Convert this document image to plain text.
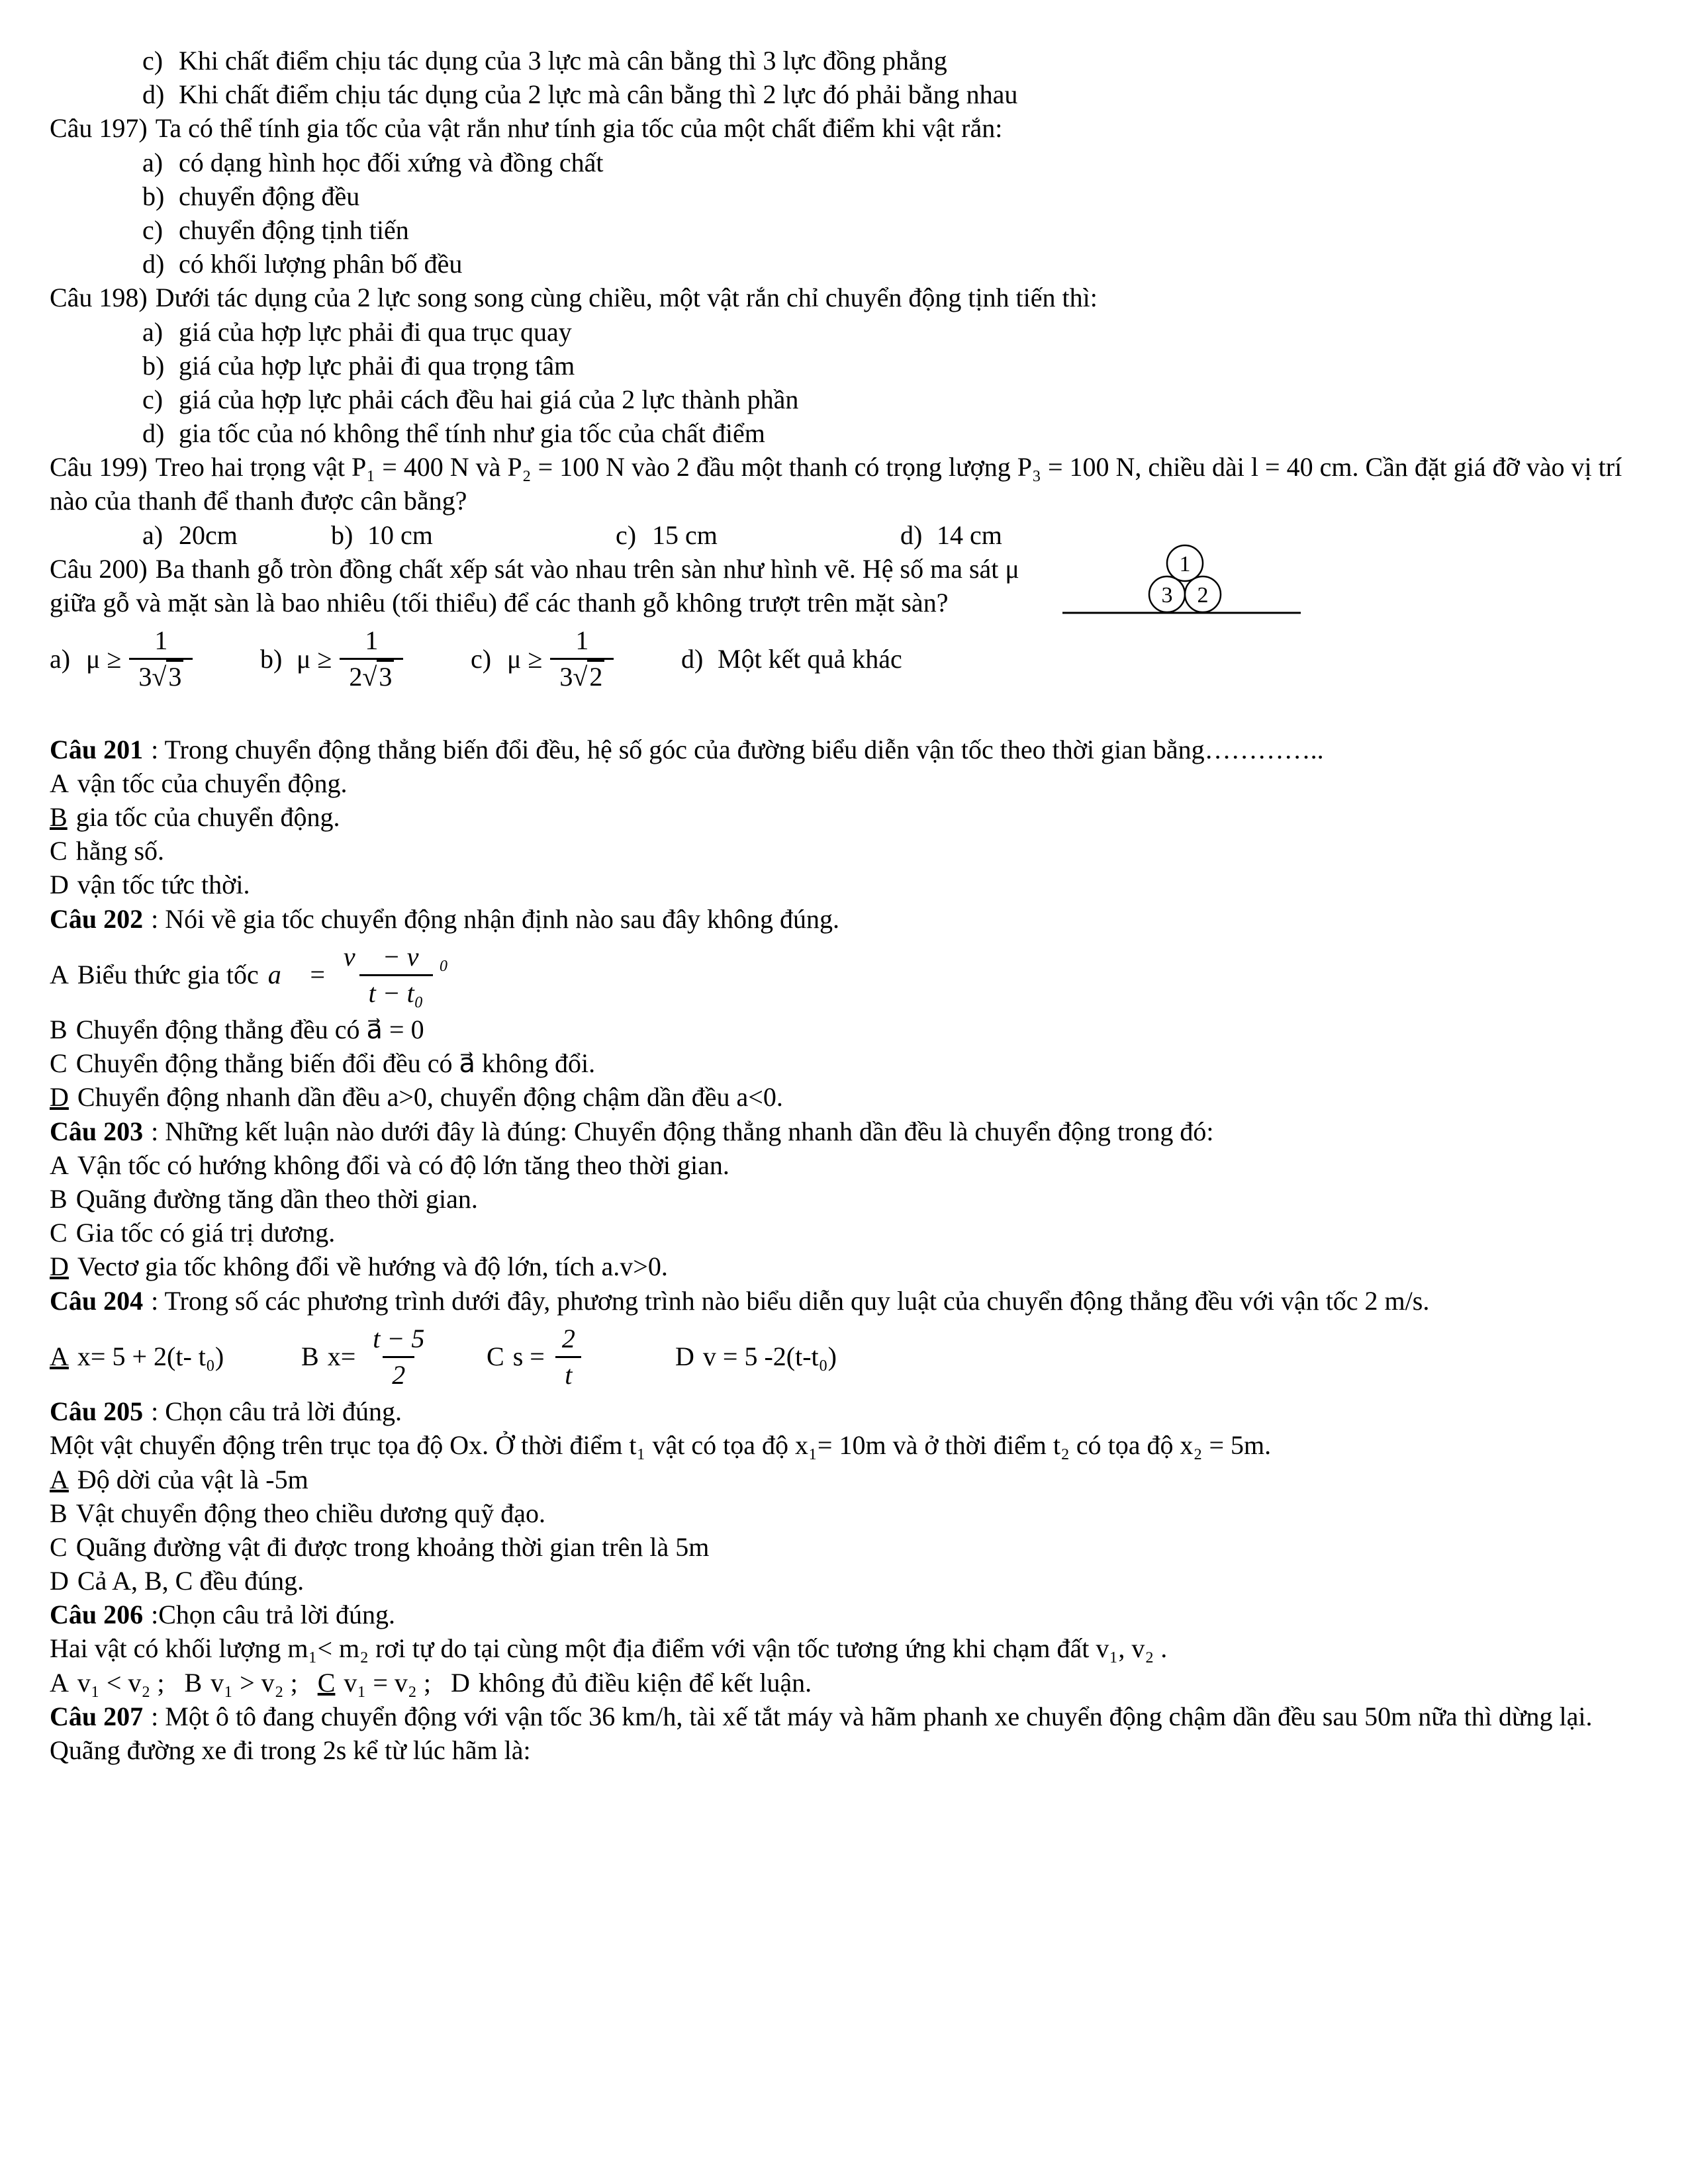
c) Khi chất điểm chịu tác dụng của 3 lực mà cân bằng thì 3 lực đồng phẳng
d) Khi chất điểm chịu tác dụng của 2 lực mà cân bằng thì 2 lực đó phải bằng nhau

Câu 197) Ta có thể tính gia tốc của vật rắn như tính gia tốc của một chất điểm khi vật rắn:

a) có dạng hình học đối xứng và đồng chất
b) chuyển động đều
c) chuyển động tịnh tiến
d) có khối lượng phân bố đều

Câu 198) Dưới tác dụng của 2 lực song song cùng chiều, một vật rắn chỉ chuyển động tịnh tiến thì:

a) giá của hợp lực phải đi qua trục quay
b) giá của hợp lực phải đi qua trọng tâm
c) giá của hợp lực phải cách đều hai giá của 2 lực thành phần
d) gia tốc của nó không thể tính như gia tốc của chất điểm

Câu 199) Treo hai trọng vật P₁ = 400 N và P₂ = 100 N vào 2 đầu một thanh có trọng lượng P₃ = 100 N, chiều dài l = 40 cm. Cần đặt giá đỡ vào vị trí nào của thanh để thanh được cân bằng?

a) 20cm	b) 10 cm	c) 15 cm	d) 14 cm
Câu 200) Ba thanh gỗ tròn đồng chất xếp sát vào nhau trên sàn như hình vẽ. Hệ số ma sát μ giữa gỗ và mặt sàn là bao nhiêu (tối thiểu) để các thanh gỗ không trượt trên mặt sàn?
1
3 2
a) $\mu \ge \frac{1}{3√3}$	b) $\mu \ge \frac{1}{2√3}$	c) $\mu \ge \frac{1}{3√2}$	d) Một kết quả khác

Câu 201 : Trong chuyển động thẳng biến đổi đều, hệ số góc của đường biểu diễn vận tốc theo thời gian bằng…………..

A vận tốc của chuyển động.

B gia tốc của chuyển động.

C hằng số.

D vận tốc tức thời.

Câu 202 : Nói về gia tốc chuyển động nhận định nào sau đây không đúng.

A Biểu thức gia tốc a⃗ = $\frac{\text{v⃗ − v⃗₀}}{\text{t − t₀}}$

B Chuyển động thẳng đều có a⃗ = 0

C Chuyển động thẳng biến đổi đều có a⃗ không đổi.

D Chuyển động nhanh dần đều a>0, chuyển động chậm dần đều a<0.

Câu 203 : Những kết luận nào dưới đây là đúng: Chuyển động thẳng nhanh dần đều là chuyển động trong đó:

A Vận tốc có hướng không đổi và có độ lớn tăng theo thời gian.

B Quãng đường tăng dần theo thời gian.

C Gia tốc có giá trị dương.

D Vectơ gia tốc không đổi về hướng và độ lớn, tích a.v>0.

Câu 204 : Trong số các phương trình dưới đây, phương trình nào biểu diễn quy luật của chuyển động thẳng đều với vận tốc 2 m/s.

A x= 5 + 2(t- t₀)	B $x= \frac{t - 5}{2}$ C $s = \frac{2}{t}$	D v = 5 -2(t-t₀)

Câu 205 : Chọn câu trả lời đúng.

Một vật chuyển động trên trục tọa độ Ox. Ở thời điểm t₁ vật có tọa độ x₁= 10m và ở thời điểm t₂ có tọa độ x₂ = 5m.

A Độ dời của vật là -5m

B Vật chuyển động theo chiều dương quỹ đạo.

C Quãng đường vật đi được trong khoảng thời gian trên là 5m

D Cả A, B, C đều đúng.

Câu 206 :Chọn câu trả lời đúng.

Hai vật có khối lượng m₁< m₂ rơi tự do tại cùng một địa điểm với vận tốc tương ứng khi chạm đất v₁, v₂ .

A v₁ < v₂ ; B v₁ > v₂ ; C v₁ = v₂ ; D không đủ điều kiện để kết luận.

Câu 207 : Một ô tô đang chuyển động với vận tốc 36 km/h, tài xế tắt máy và hãm phanh xe chuyển động chậm dần đều sau 50m nữa thì dừng lại. Quãng đường xe đi trong 2s kể từ lúc hãm là:
